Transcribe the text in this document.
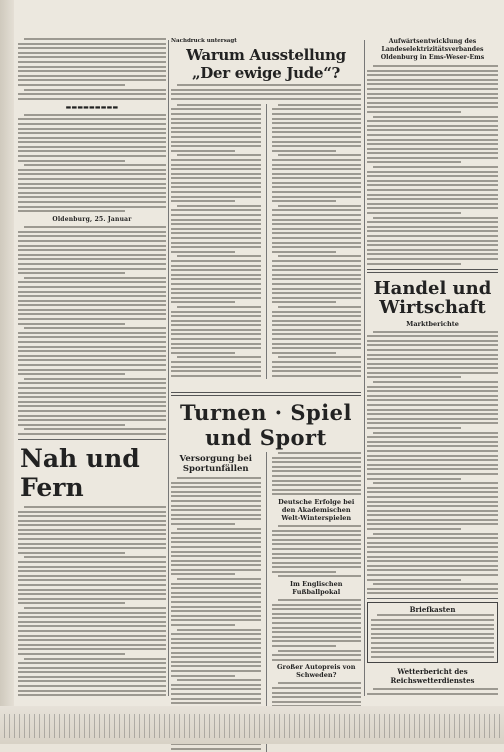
▬▬▬▬▬▬▬▬▬
Oldenburg, 25. Januar
Nah und Fern
Nachdruck untersagt
Warum Ausstellung „Der ewige Jude“?
Turnen · Spiel und Sport
Versorgung bei Sportunfällen
Deutsche Erfolge bei den Akademischen Welt-Winterspielen
Im Englischen Fußballpokal
Großer Autopreis von Schweden?
Aufwärtsentwicklung des Landeselektrizitätsverbandes Oldenburg in Ems-Weser-Ems
Handel und Wirtschaft
Marktberichte
Briefkasten
Wetterbericht des Reichswetterdienstes
